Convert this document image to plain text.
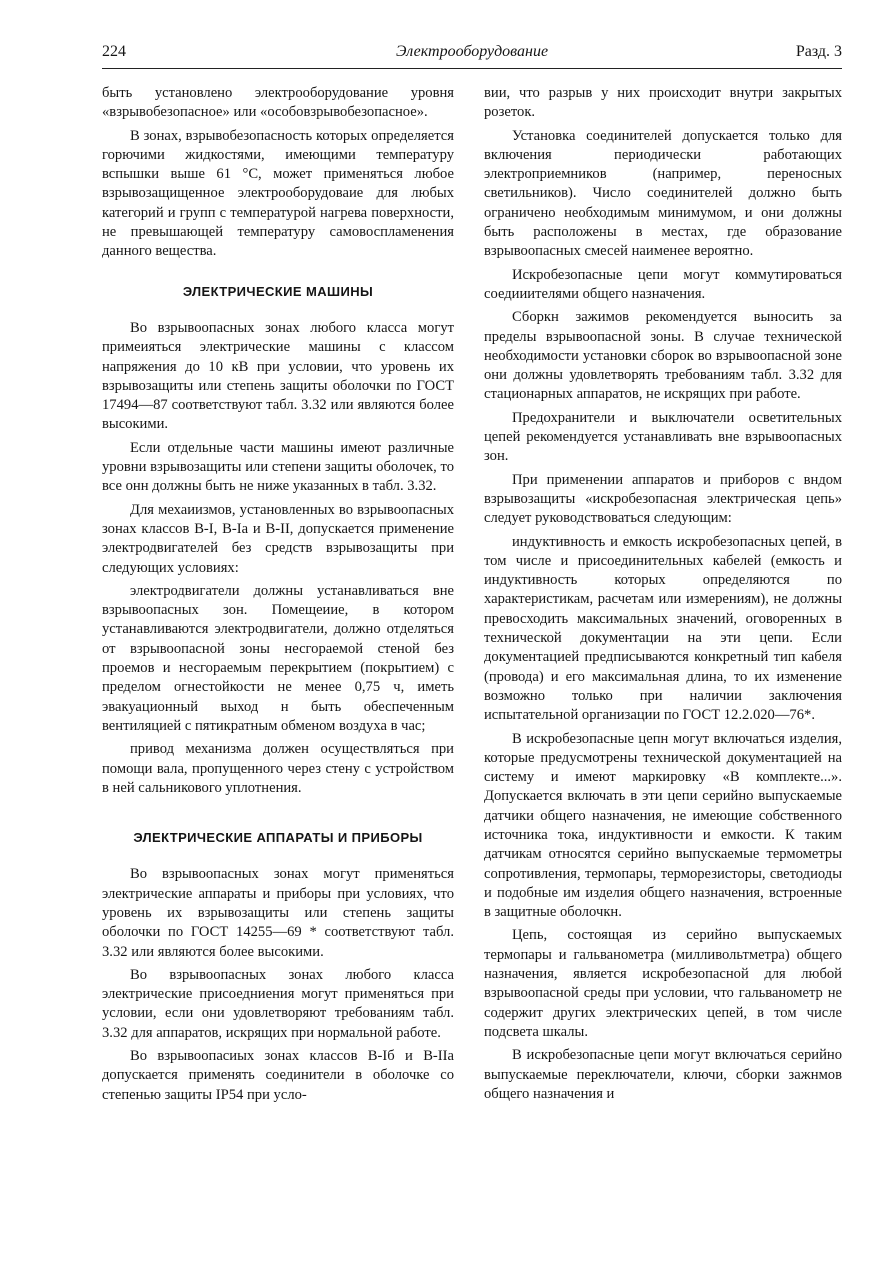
224	Электрооборудование	Разд. 3

быть установлено электрооборудование уровня «взрывобезопасное» или «особовзрывобезопасное».

В зонах, взрывобезопасность которых определяется горючими жидкостями, имеющими температуру вспышки выше 61 °С, может применяться любое взрывозащищенное электрооборудоваие для любых категорий и групп с температурой нагрева поверхности, не превышающей температуру самовоспламенения данного вещества.

ЭЛЕКТРИЧЕСКИЕ МАШИНЫ

Во взрывоопасных зонах любого класса могут примеияться электрические машины с классом напряжения до 10 кВ при условии, что уровень их взрывозащиты или степень защиты оболочки по ГОСТ 17494—87 соответствуют табл. 3.32 или являются более высокими.

Если отдельные части машины имеют различные уровни взрывозащиты или степени защиты оболочек, то все онн должны быть не ниже указанных в табл. 3.32.

Для мехаиизмов, установленных во взрывоопасных зонах классов В-I, В-Iа и В-II, допускается применение электродвигателей без средств взрывозащиты при следующих условиях:

электродвигатели должны устанавливаться вне взрывоопасных зон. Помещеиие, в котором устанавливаются электродвигатели, должно отделяться от взрывоопасной зоны несгораемой стеной без проемов и несгораемым перекрытием (покрытием) с пределом огнестойкости не менее 0,75 ч, иметь эвакуационный выход н быть обеспеченным вентиляцией с пятикратным обменом воздуха в час;

привод механизма должен осуществляться при помощи вала, пропущенного через стену с устройством в ней сальникового уплотнения.

ЭЛЕКТРИЧЕСКИЕ АППАРАТЫ И ПРИБОРЫ

Во взрывоопасных зонах могут применяться электрические аппараты и приборы при условиях, что уровень их взрывозащиты или степень защиты оболочки по ГОСТ 14255—69 * соответствуют табл. 3.32 или являются более высокими.

Во взрывоопасных зонах любого класса электрические присоедниения могут применяться при условии, если они удовлетворяют требованиям табл. 3.32 для аппаратов, искрящих при нормальной работе.

Во взрывоопасиых зонах классов В-Iб и В-IIа допускается применять соединители в оболочке со степенью защиты IP54 при усло-

вии, что разрыв у них происходит внутри закрытых розеток.

Установка соединителей допускается только для включения периодически работающих электроприемников (например, переносных светильников). Число соединителей должно быть ограничено необходимым минимумом, и они должны быть расположены в местах, где образование взрывоопасных смесей наименее вероятно.

Искробезопасные цепи могут коммутироваться соедииителями общего назначения.

Сборкн зажимов рекомендуется выносить за пределы взрывоопасной зоны. В случае технической необходимости установки сборок во взрывоопасной зоне они должны удовлетворять требованиям табл. 3.32 для стационарных аппаратов, не искрящих при работе.

Предохранители и выключатели осветительных цепей рекомендуется устанавливать вне взрывоопасных зон.

При применении аппаратов и приборов с вндом взрывозащиты «искробезопасная электрическая цепь» следует руководствоваться следующим:

индуктивность и емкость искробезопасных цепей, в том числе и присоединительных кабелей (емкость и индуктивность которых определяются по характеристикам, расчетам или измерениям), не должны превосходить максимальных значений, оговоренных в технической документации на эти цепи. Если документацией предписываются конкретный тип кабеля (провода) и его максимальная длина, то их изменение возможно только при наличии заключения испытательной организации по ГОСТ 12.2.020—76*.

В искробезопасные цепн могут включаться изделия, которые предусмотрены технической документацией на систему и имеют маркировку «В комплекте...». Допускается включать в эти цепи серийно выпускаемые датчики общего назначения, не имеющие собственного источника тока, индуктивности и емкости. К таким датчикам относятся серийно выпускаемые термометры сопротивления, термопары, терморезисторы, светодиоды и подобные им изделия общего назначения, встроенные в защитные оболочкн.

Цепь, состоящая из серийно выпускаемых термопары и гальванометра (милливольтметра) общего назначения, является искробезопасной для любой взрывоопасной среды при условии, что гальванометр не содержит других электрических цепей, в том числе подсвета шкалы.

В искробезопасные цепи могут включаться серийно выпускаемые переключатели, ключи, сборки зажнмов общего назначения и
